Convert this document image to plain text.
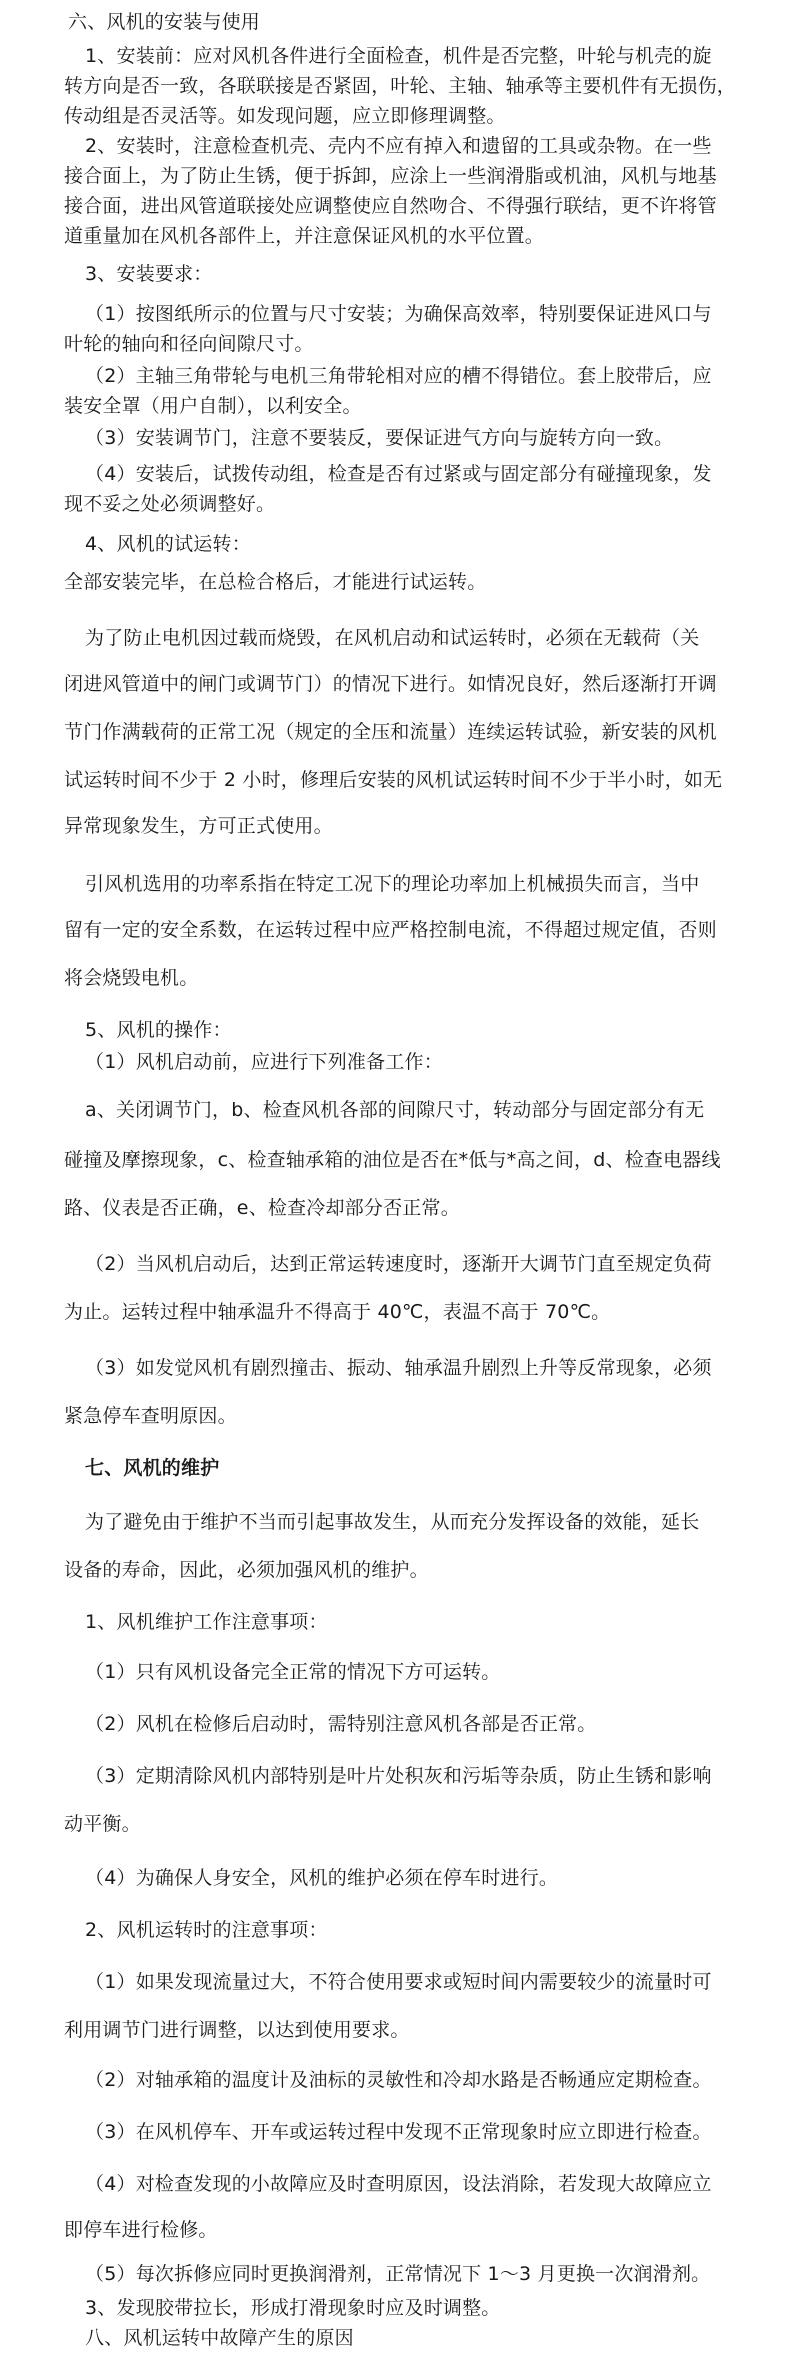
六、风机的安装与使用

1、安装前：应对风机各件进行全面检查，机件是否完整，叶轮与机壳的旋

转方向是否一致，各联联接是否紧固，叶轮、主轴、轴承等主要机件有无损伤，

传动组是否灵活等。如发现问题，应立即修理调整。

2、安装时，注意检查机壳、壳内不应有掉入和遗留的工具或杂物。在一些

接合面上，为了防止生锈，便于拆卸，应涂上一些润滑脂或机油，风机与地基

接合面，进出风管道联接处应调整使应自然吻合、不得强行联结，更不许将管

道重量加在风机各部件上，并注意保证风机的水平位置。

3、安装要求：

（1）按图纸所示的位置与尺寸安装；为确保高效率，特别要保证进风口与

叶轮的轴向和径向间隙尺寸。

（2）主轴三角带轮与电机三角带轮相对应的槽不得错位。套上胶带后，应

装安全罩（用户自制），以利安全。

（3）安装调节门，注意不要装反，要保证进气方向与旋转方向一致。

（4）安装后，试拨传动组，检查是否有过紧或与固定部分有碰撞现象，发

现不妥之处必须调整好。

4、风机的试运转：

全部安装完毕，在总检合格后，才能进行试运转。

为了防止电机因过载而烧毁，在风机启动和试运转时，必须在无载荷（关

闭进风管道中的闸门或调节门）的情况下进行。如情况良好，然后逐渐打开调

节门作满载荷的正常工况（规定的全压和流量）连续运转试验，新安装的风机

试运转时间不少于 2 小时，修理后安装的风机试运转时间不少于半小时，如无

异常现象发生，方可正式使用。

引风机选用的功率系指在特定工况下的理论功率加上机械损失而言，当中

留有一定的安全系数，在运转过程中应严格控制电流，不得超过规定值，否则

将会烧毁电机。

5、风机的操作：

（1）风机启动前，应进行下列准备工作：

a、关闭调节门，b、检查风机各部的间隙尺寸，转动部分与固定部分有无

碰撞及摩擦现象，c、检查轴承箱的油位是否在*低与*高之间，d、检查电器线

路、仪表是否正确，e、检查冷却部分否正常。

（2）当风机启动后，达到正常运转速度时，逐渐开大调节门直至规定负荷

为止。运转过程中轴承温升不得高于 40℃，表温不高于 70℃。

（3）如发觉风机有剧烈撞击、振动、轴承温升剧烈上升等反常现象，必须

紧急停车查明原因。

七、风机的维护

为了避免由于维护不当而引起事故发生，从而充分发挥设备的效能，延长

设备的寿命，因此，必须加强风机的维护。

1、风机维护工作注意事项：

（1）只有风机设备完全正常的情况下方可运转。

（2）风机在检修后启动时，需特别注意风机各部是否正常。

（3）定期清除风机内部特别是叶片处积灰和污垢等杂质，防止生锈和影响

动平衡。

（4）为确保人身安全，风机的维护必须在停车时进行。

2、风机运转时的注意事项：

（1）如果发现流量过大，不符合使用要求或短时间内需要较少的流量时可

利用调节门进行调整，以达到使用要求。

（2）对轴承箱的温度计及油标的灵敏性和冷却水路是否畅通应定期检查。

（3）在风机停车、开车或运转过程中发现不正常现象时应立即进行检查。

（4）对检查发现的小故障应及时查明原因，设法消除，若发现大故障应立

即停车进行检修。

（5）每次拆修应同时更换润滑剂，正常情况下 1～3 月更换一次润滑剂。

3、发现胶带拉长，形成打滑现象时应及时调整。

八、风机运转中故障产生的原因
